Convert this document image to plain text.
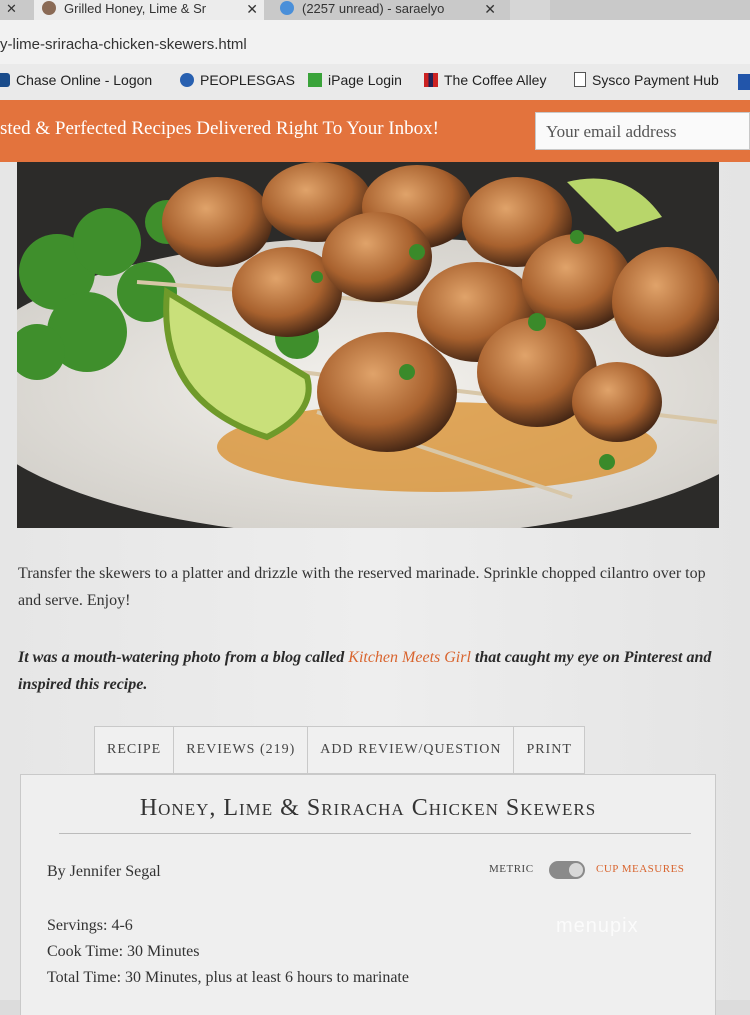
✕	Grilled Honey, Lime & Sr	✕	(2257 unread) - saraelyo	✕
y-lime-sriracha-chicken-skewers.html
Chase Online - Logon	PEOPLESGAS	iPage Login	The Coffee Alley	Sysco Payment Hub
sted & Perfected Recipes Delivered Right To Your Inbox!	Your email address
Transfer the skewers to a platter and drizzle with the reserved marinade. Sprinkle chopped cilantro over top and serve. Enjoy!
It was a mouth-watering photo from a blog called Kitchen Meets Girl that caught my eye on Pinterest and inspired this recipe.
RECIPE	REVIEWS (219)	ADD REVIEW/QUESTION	PRINT
Honey, Lime & Sriracha Chicken Skewers
By Jennifer Segal	METRIC	CUP MEASURES
Servings: 4-6
Cook Time: 30 Minutes
Total Time: 30 Minutes, plus at least 6 hours to marinate
menupix
